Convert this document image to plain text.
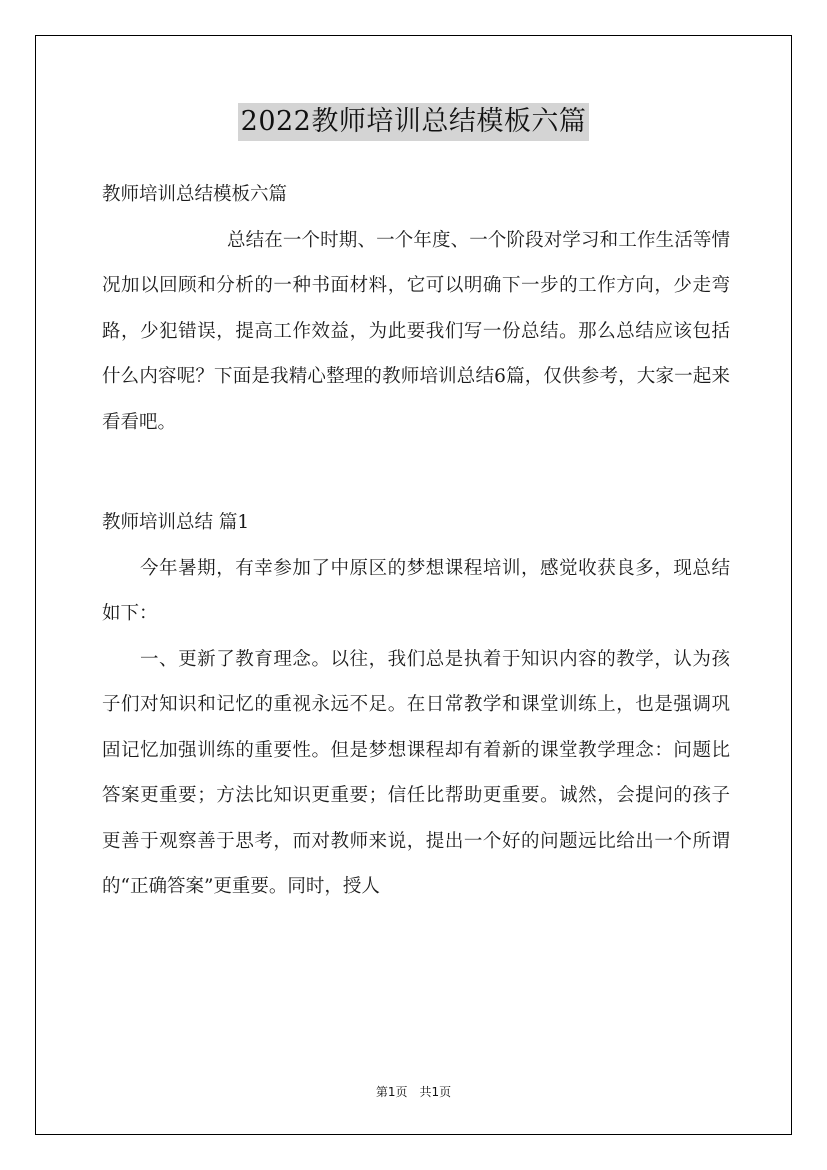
2022教师培训总结模板六篇

教师培训总结模板六篇

总结在一个时期、一个年度、一个阶段对学习和工作生活等情况加以回顾和分析的一种书面材料，它可以明确下一步的工作方向，少走弯路，少犯错误，提高工作效益，为此要我们写一份总结。那么总结应该包括什么内容呢？下面是我精心整理的教师培训总结6篇，仅供参考，大家一起来看看吧。

教师培训总结 篇1

今年暑期，有幸参加了中原区的梦想课程培训，感觉收获良多，现总结如下：

一、更新了教育理念。以往，我们总是执着于知识内容的教学，认为孩子们对知识和记忆的重视永远不足。在日常教学和课堂训练上，也是强调巩固记忆加强训练的重要性。但是梦想课程却有着新的课堂教学理念：问题比答案更重要；方法比知识更重要；信任比帮助更重要。诚然，会提问的孩子更善于观察善于思考，而对教师来说，提出一个好的问题远比给出一个所谓的“正确答案”更重要。同时，授人

第1页　共1页
